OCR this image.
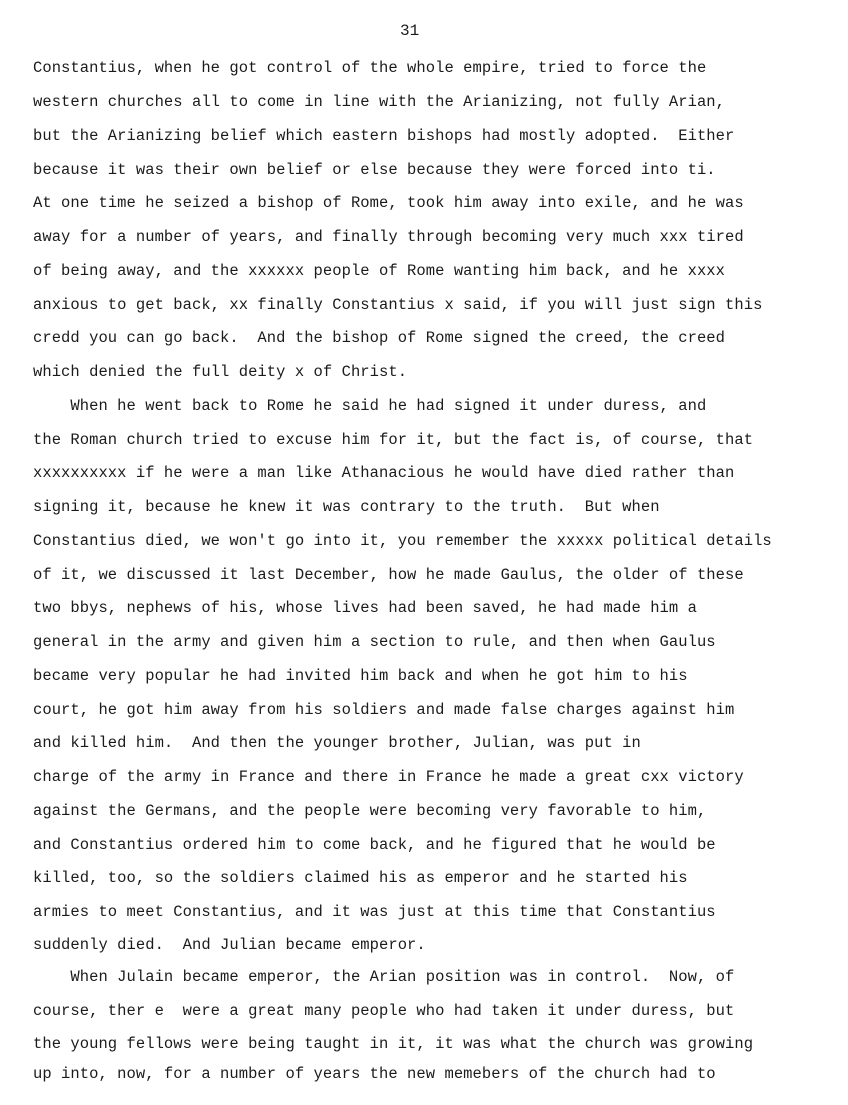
31
Constantius, when he got control of the whole empire, tried to force the
western churches all to come in line with the Arianizing, not fully Arian,
but the Arianizing belief which eastern bishops had mostly adopted.  Either
because it was their own belief or else because they were forced into ti.
At one time he seized a bishop of Rome, took him away into exile, and he was
away for a number of years, and finally through becoming very much xxx tired
of being away, and the xxxxxx people of Rome wanting him back, and he xxxx
anxious to get back, xx finally Constantius x said, if you will just sign this
credd you can go back.  And the bishop of Rome signed the creed, the creed
which denied the full deity x of Christ.
When he went back to Rome he said he had signed it under duress, and
the Roman church tried to excuse him for it, but the fact is, of course, that
xxxxxxxxxx if he were a man like Athanacious he would have died rather than
signing it, because he knew it was contrary to the truth.  But when
Constantius died, we won't go into it, you remember the xxxxx political details
of it, we discussed it last December, how he made Gaulus, the older of these
two bbys, nephews of his, whose lives had been saved, he had made him a
general in the army and given him a section to rule, and then when Gaulus
became very popular he had invited him back and when he got him to his
court, he got him away from his soldiers and made false charges against him
and killed him.  And then the younger brother, Julian, was put in
charge of the army in France and there in France he made a great cxx victory
against the Germans, and the people were becoming very favorable to him,
and Constantius ordered him to come back, and he figured that he would be
killed, too, so the soldiers claimed his as emperor and he started his
armies to meet Constantius, and it was just at this time that Constantius
suddenly died.  And Julian became emperor.
When Julain became emperor, the Arian position was in control.  Now, of
course, ther e  were a great many people who had taken it under duress, but
the young fellows were being taught in it, it was what the church was growing
up into, now, for a number of years the new memebers of the church had to
